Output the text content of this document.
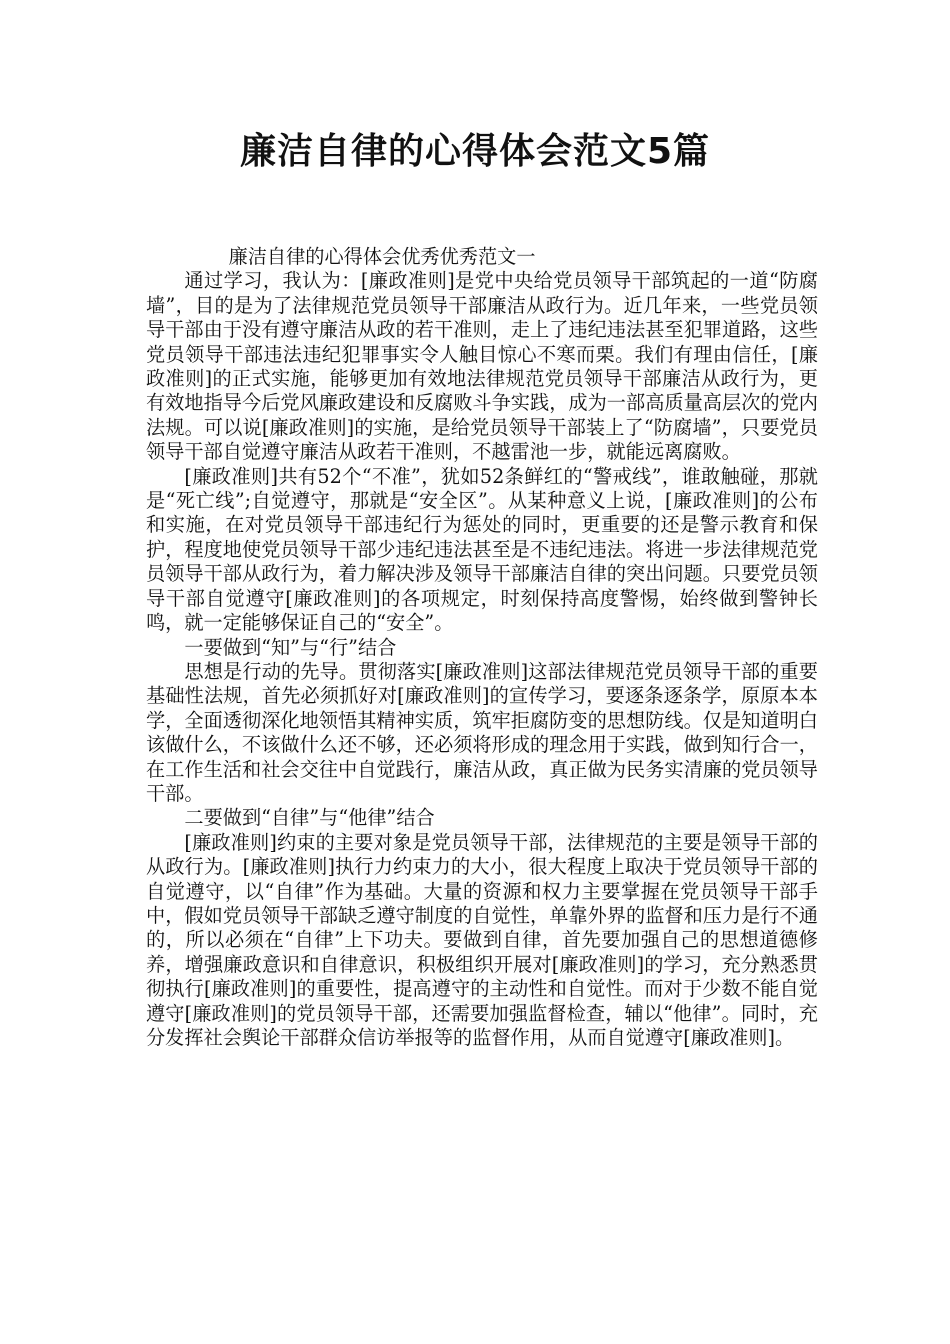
廉洁自律的心得体会范文5篇

廉洁自律的心得体会优秀优秀范文一

通过学习，我认为：[廉政准则]是党中央给党员领导干部筑起的一道“防腐墙”，目的是为了法律规范党员领导干部廉洁从政行为。近几年来，一些党员领导干部由于没有遵守廉洁从政的若干准则，走上了违纪违法甚至犯罪道路，这些党员领导干部违法违纪犯罪事实令人触目惊心不寒而栗。我们有理由信任，[廉政准则]的正式实施，能够更加有效地法律规范党员领导干部廉洁从政行为，更有效地指导今后党风廉政建设和反腐败斗争实践，成为一部高质量高层次的党内法规。可以说[廉政准则]的实施，是给党员领导干部装上了“防腐墙”，只要党员领导干部自觉遵守廉洁从政若干准则，不越雷池一步，就能远离腐败。

[廉政准则]共有52个“不准”，犹如52条鲜红的“警戒线”，谁敢触碰，那就是“死亡线”;自觉遵守，那就是“安全区”。从某种意义上说，[廉政准则]的公布和实施，在对党员领导干部违纪行为惩处的同时，更重要的还是警示教育和保护，程度地使党员领导干部少违纪违法甚至是不违纪违法。将进一步法律规范党员领导干部从政行为，着力解决涉及领导干部廉洁自律的突出问题。只要党员领导干部自觉遵守[廉政准则]的各项规定，时刻保持高度警惕，始终做到警钟长鸣，就一定能够保证自己的“安全”。

一要做到“知”与“行”结合

思想是行动的先导。贯彻落实[廉政准则]这部法律规范党员领导干部的重要基础性法规，首先必须抓好对[廉政准则]的宣传学习，要逐条逐条学，原原本本学，全面透彻深化地领悟其精神实质，筑牢拒腐防变的思想防线。仅是知道明白该做什么，不该做什么还不够，还必须将形成的理念用于实践，做到知行合一，在工作生活和社会交往中自觉践行，廉洁从政，真正做为民务实清廉的党员领导干部。

二要做到“自律”与“他律”结合

[廉政准则]约束的主要对象是党员领导干部，法律规范的主要是领导干部的从政行为。[廉政准则]执行力约束力的大小，很大程度上取决于党员领导干部的自觉遵守，以“自律”作为基础。大量的资源和权力主要掌握在党员领导干部手中，假如党员领导干部缺乏遵守制度的自觉性，单靠外界的监督和压力是行不通的，所以必须在“自律”上下功夫。要做到自律，首先要加强自己的思想道德修养，增强廉政意识和自律意识，积极组织开展对[廉政准则]的学习，充分熟悉贯彻执行[廉政准则]的重要性，提高遵守的主动性和自觉性。而对于少数不能自觉遵守[廉政准则]的党员领导干部，还需要加强监督检查，辅以“他律”。同时，充分发挥社会舆论干部群众信访举报等的监督作用，从而自觉遵守[廉政准则]。
